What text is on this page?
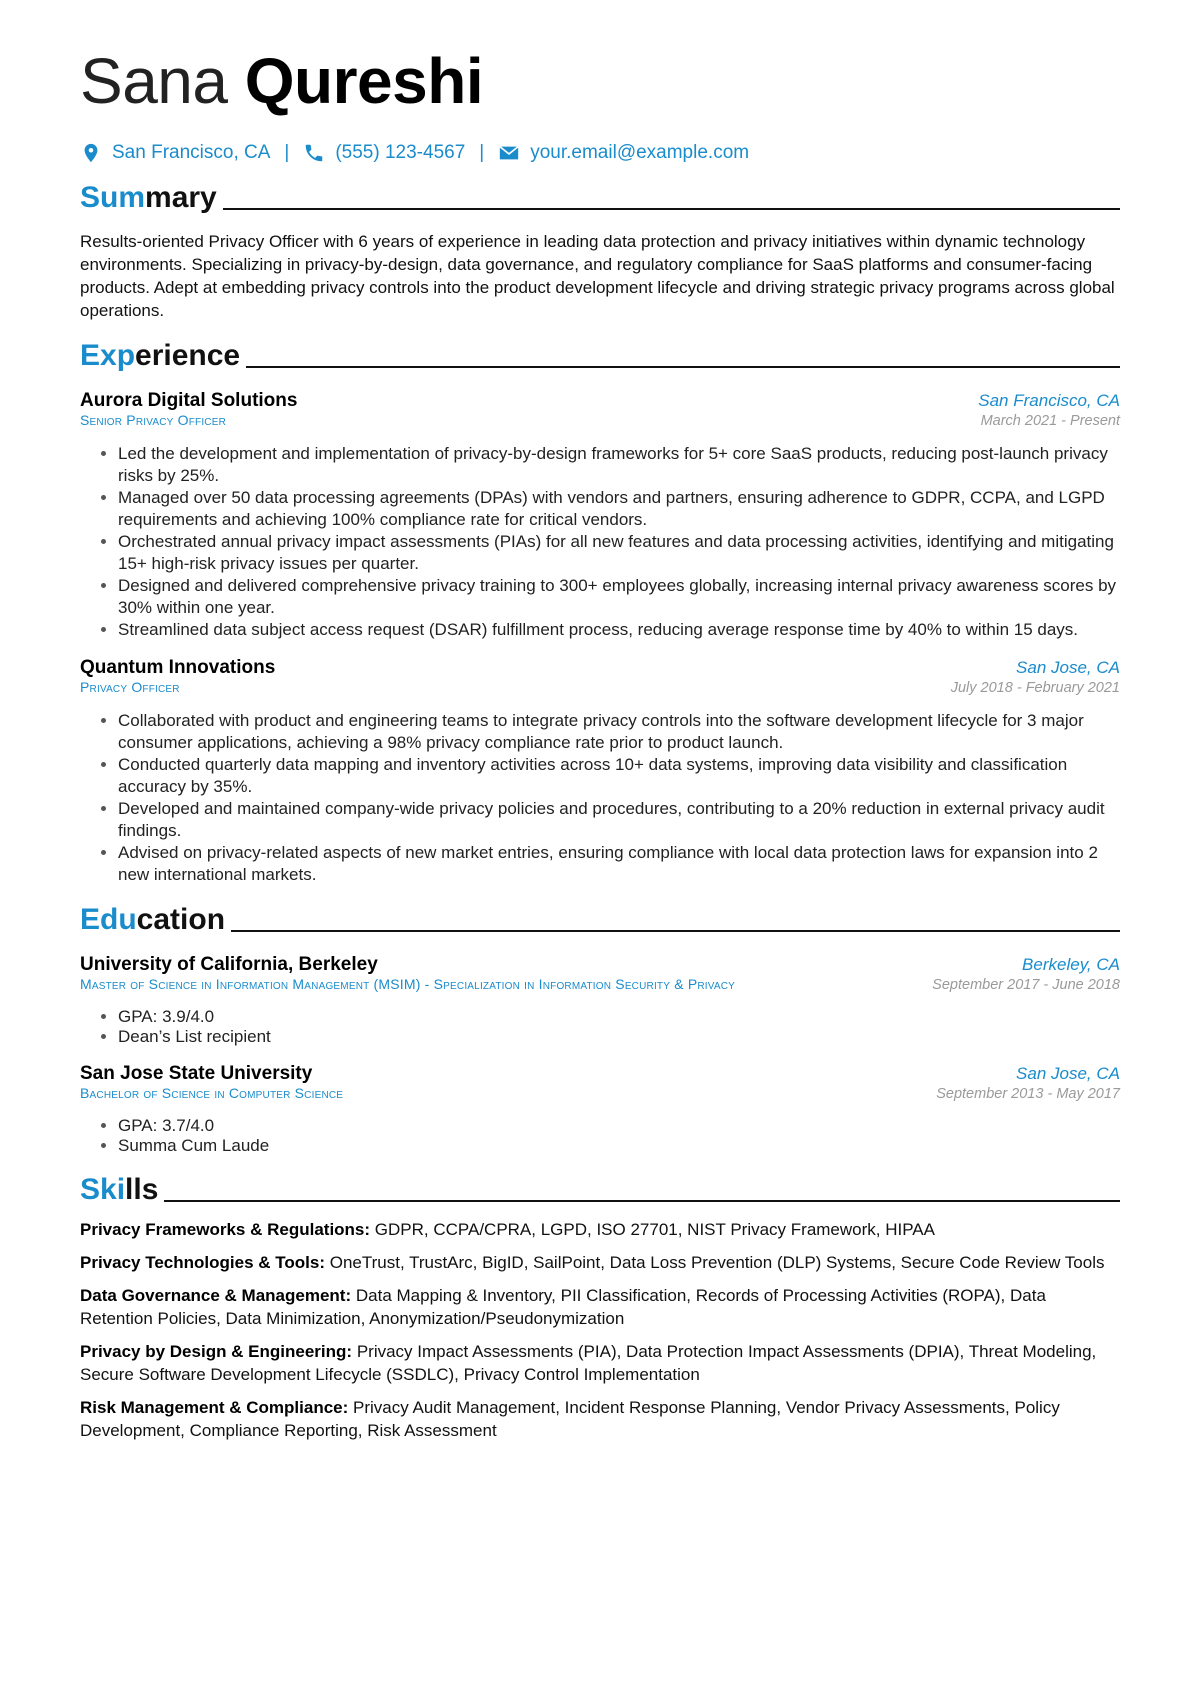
Sana Qureshi
San Francisco, CA | (555) 123-4567 | your.email@example.com
Summary

Results-oriented Privacy Officer with 6 years of experience in leading data protection and privacy initiatives within dynamic technology environments. Specializing in privacy-by-design, data governance, and regulatory compliance for SaaS platforms and consumer-facing products. Adept at embedding privacy controls into the product development lifecycle and driving strategic privacy programs across global operations.

Experience
Aurora Digital Solutions	San Francisco, CA
Senior Privacy Officer	March 2021 - Present
• Led the development and implementation of privacy-by-design frameworks for 5+ core SaaS products, reducing post-launch privacy risks by 25%.
• Managed over 50 data processing agreements (DPAs) with vendors and partners, ensuring adherence to GDPR, CCPA, and LGPD requirements and achieving 100% compliance rate for critical vendors.
• Orchestrated annual privacy impact assessments (PIAs) for all new features and data processing activities, identifying and mitigating 15+ high-risk privacy issues per quarter.
• Designed and delivered comprehensive privacy training to 300+ employees globally, increasing internal privacy awareness scores by 30% within one year.
• Streamlined data subject access request (DSAR) fulfillment process, reducing average response time by 40% to within 15 days.
Quantum Innovations	San Jose, CA
Privacy Officer	July 2018 - February 2021
• Collaborated with product and engineering teams to integrate privacy controls into the software development lifecycle for 3 major consumer applications, achieving a 98% privacy compliance rate prior to product launch.
• Conducted quarterly data mapping and inventory activities across 10+ data systems, improving data visibility and classification accuracy by 35%.
• Developed and maintained company-wide privacy policies and procedures, contributing to a 20% reduction in external privacy audit findings.
• Advised on privacy-related aspects of new market entries, ensuring compliance with local data protection laws for expansion into 2 new international markets.
Education
University of California, Berkeley	Berkeley, CA
Master of Science in Information Management (MSIM) - Specialization in Information Security & Privacy	September 2017 - June 2018
• GPA: 3.9/4.0
• Dean’s List recipient
San Jose State University	San Jose, CA
Bachelor of Science in Computer Science	September 2013 - May 2017
• GPA: 3.7/4.0
• Summa Cum Laude
Skills
Privacy Frameworks & Regulations: GDPR, CCPA/CPRA, LGPD, ISO 27701, NIST Privacy Framework, HIPAA
Privacy Technologies & Tools: OneTrust, TrustArc, BigID, SailPoint, Data Loss Prevention (DLP) Systems, Secure Code Review Tools
Data Governance & Management: Data Mapping & Inventory, PII Classification, Records of Processing Activities (ROPA), Data Retention Policies, Data Minimization, Anonymization/Pseudonymization
Privacy by Design & Engineering: Privacy Impact Assessments (PIA), Data Protection Impact Assessments (DPIA), Threat Modeling, Secure Software Development Lifecycle (SSDLC), Privacy Control Implementation
Risk Management & Compliance: Privacy Audit Management, Incident Response Planning, Vendor Privacy Assessments, Policy Development, Compliance Reporting, Risk Assessment
